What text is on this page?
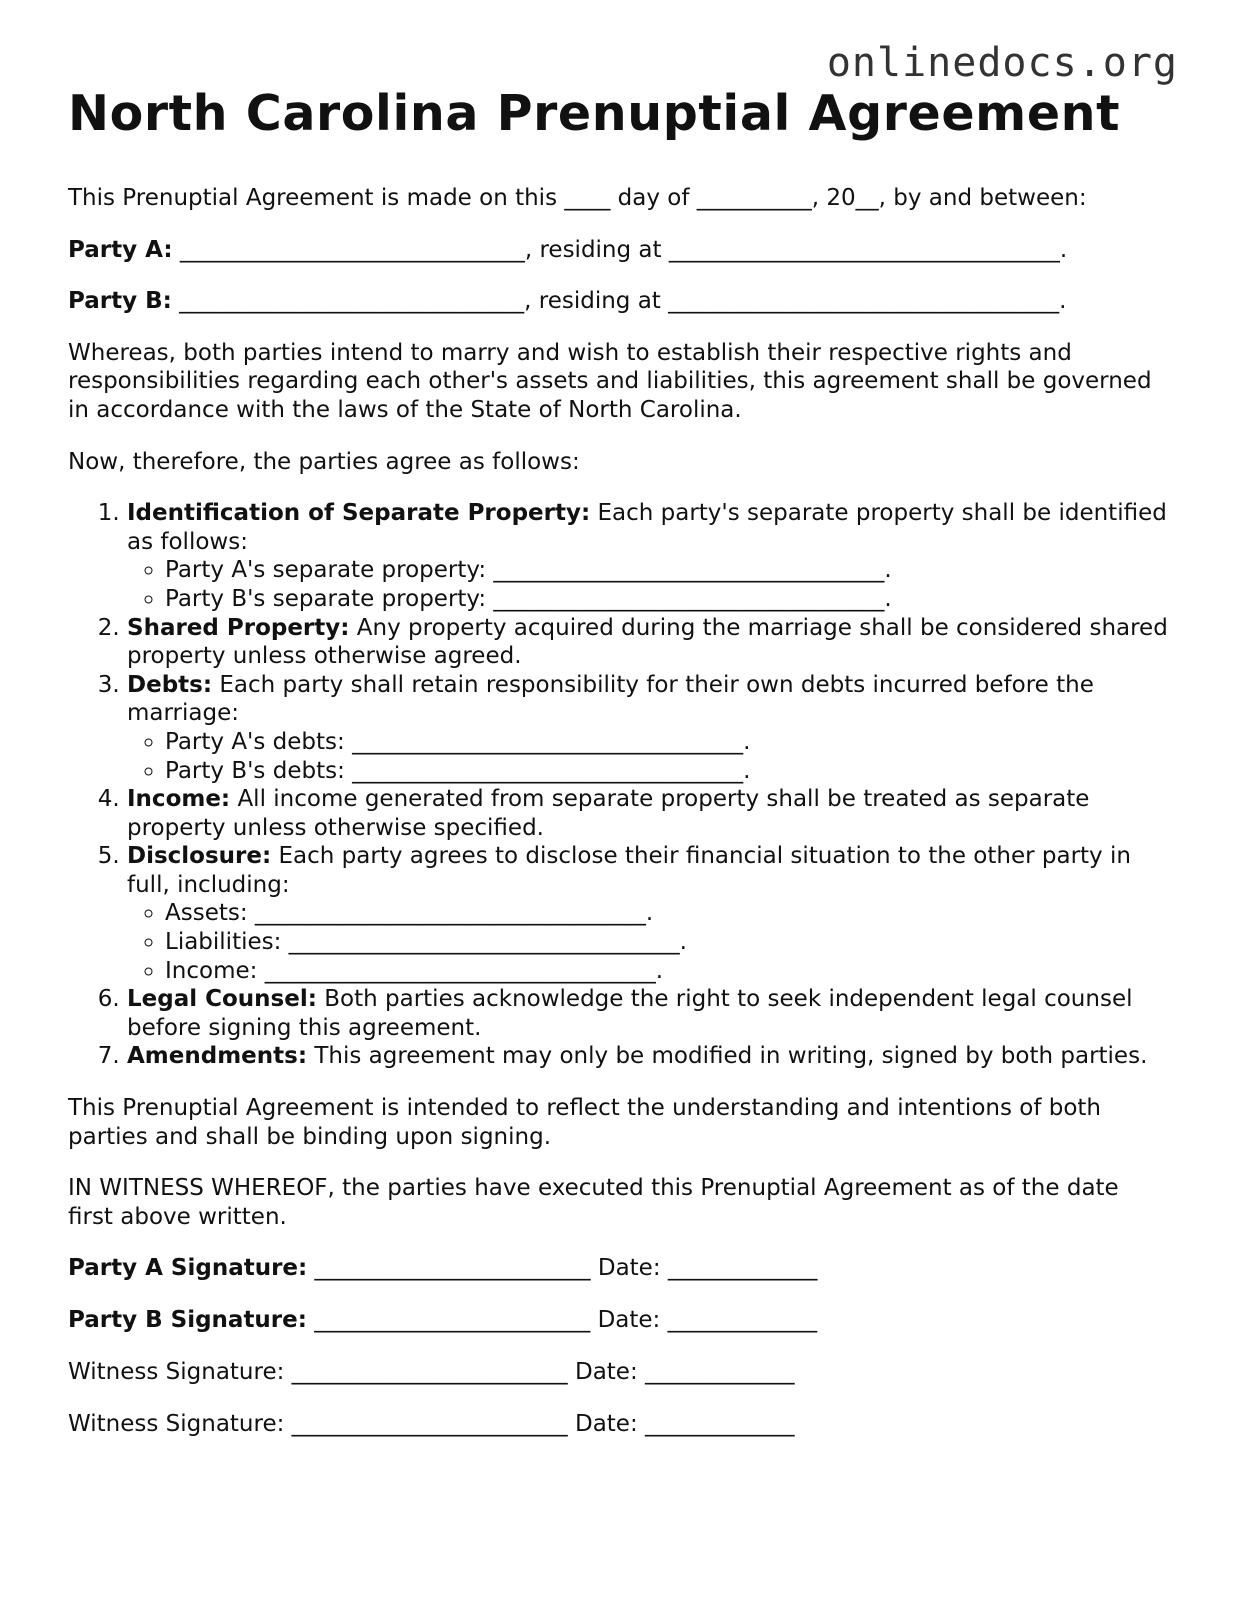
onlinedocs.org
North Carolina Prenuptial Agreement

This Prenuptial Agreement is made on this ____ day of __________, 20__, by and between:

Party A: ______________________________, residing at __________________________________.

Party B: ______________________________, residing at __________________________________.

Whereas, both parties intend to marry and wish to establish their respective rights and responsibilities regarding each other's assets and liabilities, this agreement shall be governed in accordance with the laws of the State of North Carolina.

Now, therefore, the parties agree as follows:

1. Identification of Separate Property: Each party's separate property shall be identified as follows:
◦ Party A's separate property: __________________________________.
◦ Party B's separate property: __________________________________.
2. Shared Property: Any property acquired during the marriage shall be considered shared property unless otherwise agreed.
3. Debts: Each party shall retain responsibility for their own debts incurred before the marriage:
◦ Party A's debts: __________________________________.
◦ Party B's debts: __________________________________.
4. Income: All income generated from separate property shall be treated as separate property unless otherwise specified.
5. Disclosure: Each party agrees to disclose their financial situation to the other party in full, including:
◦ Assets: __________________________________.
◦ Liabilities: __________________________________.
◦ Income: __________________________________.
6. Legal Counsel: Both parties acknowledge the right to seek independent legal counsel before signing this agreement.
7. Amendments: This agreement may only be modified in writing, signed by both parties.

This Prenuptial Agreement is intended to reflect the understanding and intentions of both parties and shall be binding upon signing.

IN WITNESS WHEREOF, the parties have executed this Prenuptial Agreement as of the date first above written.

Party A Signature: ________________________ Date: _____________

Party B Signature: ________________________ Date: _____________

Witness Signature: ________________________ Date: _____________

Witness Signature: ________________________ Date: _____________
